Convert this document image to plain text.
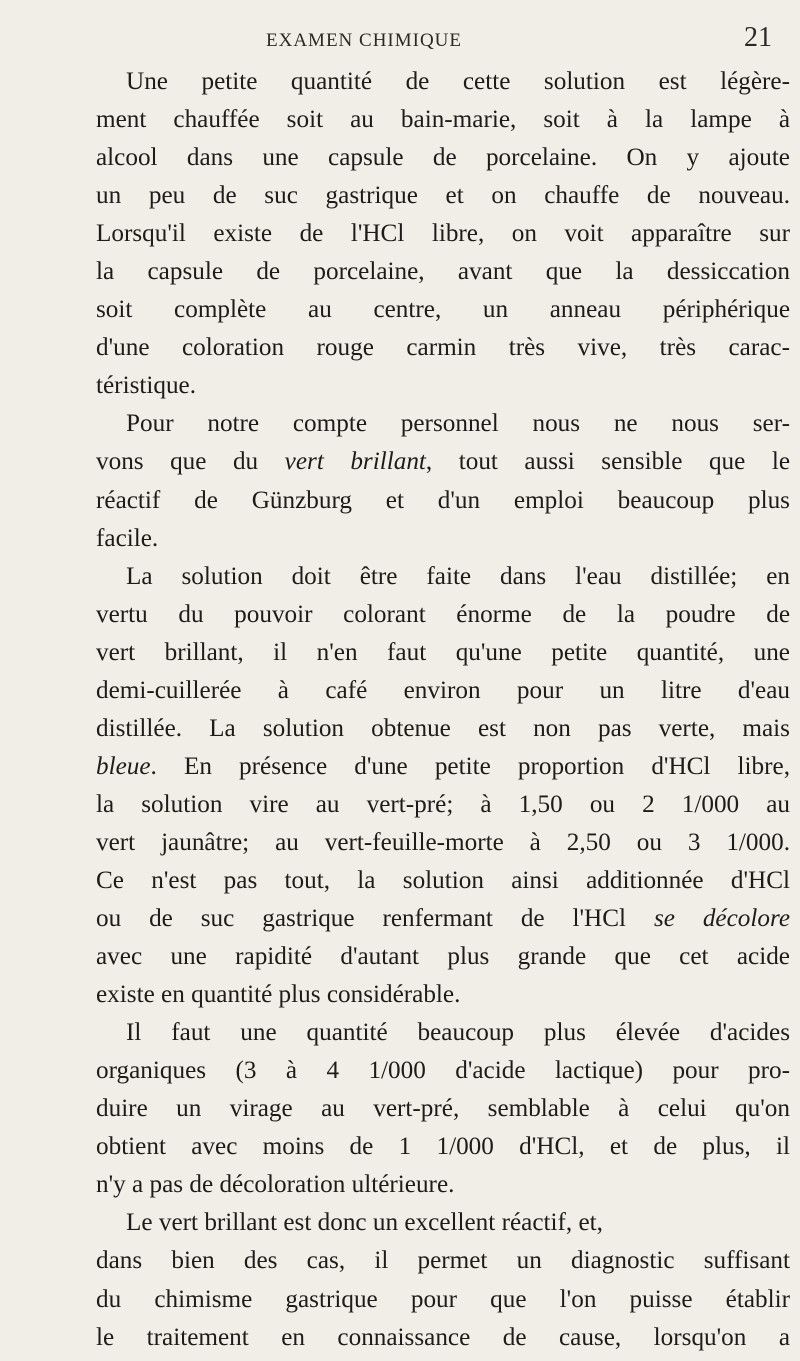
EXAMEN CHIMIQUE	21
Une petite quantité de cette solution est légère-
ment chauffée soit au bain-marie, soit à la lampe à
alcool dans une capsule de porcelaine. On y ajoute
un peu de suc gastrique et on chauffe de nouveau.
Lorsqu'il existe de l'HCl libre, on voit apparaître sur
la capsule de porcelaine, avant que la dessiccation
soit complète au centre, un anneau périphérique
d'une coloration rouge carmin très vive, très carac-
téristique.
Pour notre compte personnel nous ne nous ser-
vons que du vert brillant, tout aussi sensible que le
réactif de Günzburg et d'un emploi beaucoup plus
facile.
La solution doit être faite dans l'eau distillée; en
vertu du pouvoir colorant énorme de la poudre de
vert brillant, il n'en faut qu'une petite quantité, une
demi-cuillerée à café environ pour un litre d'eau
distillée. La solution obtenue est non pas verte, mais
bleue. En présence d'une petite proportion d'HCl libre,
la solution vire au vert-pré; à 1,50 ou 2 1/000 au
vert jaunâtre; au vert-feuille-morte à 2,50 ou 3 1/000.
Ce n'est pas tout, la solution ainsi additionnée d'HCl
ou de suc gastrique renfermant de l'HCl se décolore
avec une rapidité d'autant plus grande que cet acide
existe en quantité plus considérable.
Il faut une quantité beaucoup plus élevée d'acides
organiques (3 à 4 1/000 d'acide lactique) pour pro-
duire un virage au vert-pré, semblable à celui qu'on
obtient avec moins de 1 1/000 d'HCl, et de plus, il
n'y a pas de décoloration ultérieure.
Le vert brillant est donc un excellent réactif, et,
dans bien des cas, il permet un diagnostic suffisant
du chimisme gastrique pour que l'on puisse établir
le traitement en connaissance de cause, lorsqu'on a
